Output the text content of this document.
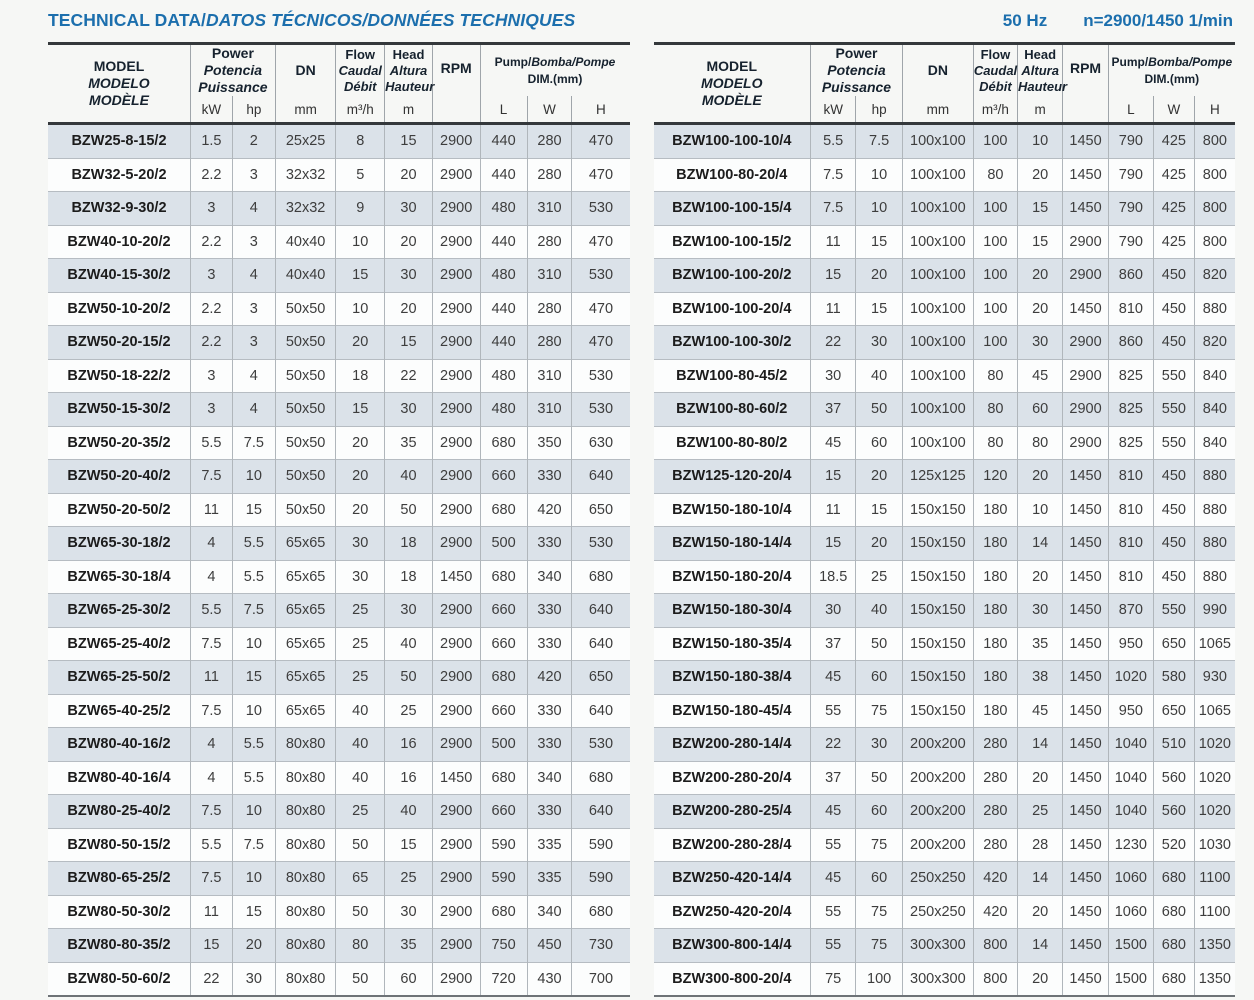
TECHNICAL DATA/DATOS TÉCNICOS/DONNÉES TECHNIQUES	50 Hz n=2900/1450 1/min
MODEL
MODELO
MODÈLE

Power
Potencia
Puissance
	DN	
Flow
Caudal
Débit

Head
Altura
Hauteur
	RPM	Pump/Bomba/Pompe
DIM.(mm)

	kW	hp	mm	m³/h	m		L	W	H
BZW25-8-15/2	1.5	2	25x25	8	15	2900	440	280	470
BZW32-5-20/2	2.2	3	32x32	5	20	2900	440	280	470
BZW32-9-30/2	3	4	32x32	9	30	2900	480	310	530
BZW40-10-20/2	2.2	3	40x40	10	20	2900	440	280	470
BZW40-15-30/2	3	4	40x40	15	30	2900	480	310	530
BZW50-10-20/2	2.2	3	50x50	10	20	2900	440	280	470
BZW50-20-15/2	2.2	3	50x50	20	15	2900	440	280	470
BZW50-18-22/2	3	4	50x50	18	22	2900	480	310	530
BZW50-15-30/2	3	4	50x50	15	30	2900	480	310	530
BZW50-20-35/2	5.5	7.5	50x50	20	35	2900	680	350	630
BZW50-20-40/2	7.5	10	50x50	20	40	2900	660	330	640
BZW50-20-50/2	11	15	50x50	20	50	2900	680	420	650
BZW65-30-18/2	4	5.5	65x65	30	18	2900	500	330	530
BZW65-30-18/4	4	5.5	65x65	30	18	1450	680	340	680
BZW65-25-30/2	5.5	7.5	65x65	25	30	2900	660	330	640
BZW65-25-40/2	7.5	10	65x65	25	40	2900	660	330	640
BZW65-25-50/2	11	15	65x65	25	50	2900	680	420	650
BZW65-40-25/2	7.5	10	65x65	40	25	2900	660	330	640
BZW80-40-16/2	4	5.5	80x80	40	16	2900	500	330	530
BZW80-40-16/4	4	5.5	80x80	40	16	1450	680	340	680
BZW80-25-40/2	7.5	10	80x80	25	40	2900	660	330	640
BZW80-50-15/2	5.5	7.5	80x80	50	15	2900	590	335	590
BZW80-65-25/2	7.5	10	80x80	65	25	2900	590	335	590
BZW80-50-30/2	11	15	80x80	50	30	2900	680	340	680
BZW80-80-35/2	15	20	80x80	80	35	2900	750	450	730
BZW80-50-60/2	22	30	80x80	50	60	2900	720	430	700
MODEL
MODELO
MODÈLE

Power
Potencia
Puissance
	DN	
Flow
Caudal
Débit

Head
Altura
Hauteur
	RPM	Pump/Bomba/Pompe
DIM.(mm)

	kW	hp	mm	m³/h	m		L	W	H
BZW100-100-10/4	5.5	7.5	100x100	100	10	1450	790	425	800
BZW100-80-20/4	7.5	10	100x100	80	20	1450	790	425	800
BZW100-100-15/4	7.5	10	100x100	100	15	1450	790	425	800
BZW100-100-15/2	11	15	100x100	100	15	2900	790	425	800
BZW100-100-20/2	15	20	100x100	100	20	2900	860	450	820
BZW100-100-20/4	11	15	100x100	100	20	1450	810	450	880
BZW100-100-30/2	22	30	100x100	100	30	2900	860	450	820
BZW100-80-45/2	30	40	100x100	80	45	2900	825	550	840
BZW100-80-60/2	37	50	100x100	80	60	2900	825	550	840
BZW100-80-80/2	45	60	100x100	80	80	2900	825	550	840
BZW125-120-20/4	15	20	125x125	120	20	1450	810	450	880
BZW150-180-10/4	11	15	150x150	180	10	1450	810	450	880
BZW150-180-14/4	15	20	150x150	180	14	1450	810	450	880
BZW150-180-20/4	18.5	25	150x150	180	20	1450	810	450	880
BZW150-180-30/4	30	40	150x150	180	30	1450	870	550	990
BZW150-180-35/4	37	50	150x150	180	35	1450	950	650	1065
BZW150-180-38/4	45	60	150x150	180	38	1450	1020	580	930
BZW150-180-45/4	55	75	150x150	180	45	1450	950	650	1065
BZW200-280-14/4	22	30	200x200	280	14	1450	1040	510	1020
BZW200-280-20/4	37	50	200x200	280	20	1450	1040	560	1020
BZW200-280-25/4	45	60	200x200	280	25	1450	1040	560	1020
BZW200-280-28/4	55	75	200x200	280	28	1450	1230	520	1030
BZW250-420-14/4	45	60	250x250	420	14	1450	1060	680	1100
BZW250-420-20/4	55	75	250x250	420	20	1450	1060	680	1100
BZW300-800-14/4	55	75	300x300	800	14	1450	1500	680	1350
BZW300-800-20/4	75	100	300x300	800	20	1450	1500	680	1350
